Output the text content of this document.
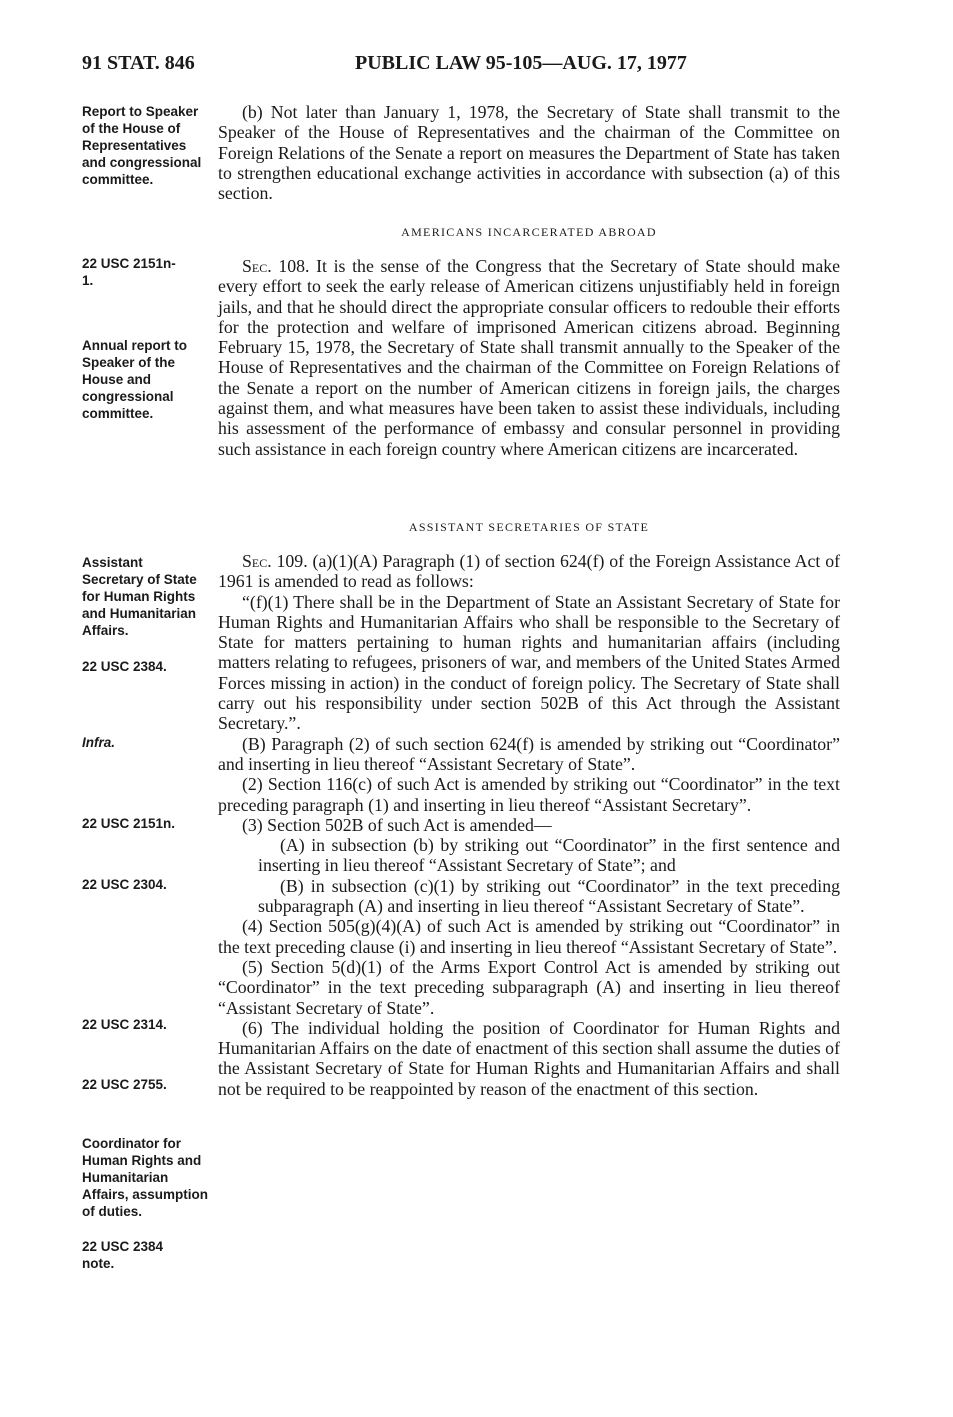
91 STAT. 846	PUBLIC LAW 95-105—AUG. 17, 1977
Report to Speaker of the House of Representatives and congressional committee.
22 USC 2151n-1.
Annual report to Speaker of the House and congressional committee.
Assistant Secretary of State for Human Rights and Humanitarian Affairs.
22 USC 2384.
Infra.
22 USC 2151n.
22 USC 2304.
22 USC 2314.
22 USC 2755.
Coordinator for Human Rights and Humanitarian Affairs, assumption of duties.
22 USC 2384 note.

(b) Not later than January 1, 1978, the Secretary of State shall transmit to the Speaker of the House of Representatives and the chairman of the Committee on Foreign Relations of the Senate a report on measures the Department of State has taken to strengthen educational exchange activities in accordance with subsection (a) of this section.

AMERICANS INCARCERATED ABROAD

Sec. 108. It is the sense of the Congress that the Secretary of State should make every effort to seek the early release of American citizens unjustifiably held in foreign jails, and that he should direct the appropriate consular officers to redouble their efforts for the protection and welfare of imprisoned American citizens abroad. Beginning February 15, 1978, the Secretary of State shall transmit annually to the Speaker of the House of Representatives and the chairman of the Committee on Foreign Relations of the Senate a report on the number of American citizens in foreign jails, the charges against them, and what measures have been taken to assist these individuals, including his assessment of the performance of embassy and consular personnel in providing such assistance in each foreign country where American citizens are incarcerated.

ASSISTANT SECRETARIES OF STATE

Sec. 109. (a)(1)(A) Paragraph (1) of section 624(f) of the Foreign Assistance Act of 1961 is amended to read as follows:

“(f)(1) There shall be in the Department of State an Assistant Secretary of State for Human Rights and Humanitarian Affairs who shall be responsible to the Secretary of State for matters pertaining to human rights and humanitarian affairs (including matters relating to refugees, prisoners of war, and members of the United States Armed Forces missing in action) in the conduct of foreign policy. The Secretary of State shall carry out his responsibility under section 502B of this Act through the Assistant Secretary.”.

(B) Paragraph (2) of such section 624(f) is amended by striking out “Coordinator” and inserting in lieu thereof “Assistant Secretary of State”.

(2) Section 116(c) of such Act is amended by striking out “Coordinator” in the text preceding paragraph (1) and inserting in lieu thereof “Assistant Secretary”.

(3) Section 502B of such Act is amended—

(A) in subsection (b) by striking out “Coordinator” in the first sentence and inserting in lieu thereof “Assistant Secretary of State”; and

(B) in subsection (c)(1) by striking out “Coordinator” in the text preceding subparagraph (A) and inserting in lieu thereof “Assistant Secretary of State”.

(4) Section 505(g)(4)(A) of such Act is amended by striking out “Coordinator” in the text preceding clause (i) and inserting in lieu thereof “Assistant Secretary of State”.

(5) Section 5(d)(1) of the Arms Export Control Act is amended by striking out “Coordinator” in the text preceding subparagraph (A) and inserting in lieu thereof “Assistant Secretary of State”.

(6) The individual holding the position of Coordinator for Human Rights and Humanitarian Affairs on the date of enactment of this section shall assume the duties of the Assistant Secretary of State for Human Rights and Humanitarian Affairs and shall not be required to be reappointed by reason of the enactment of this section.
